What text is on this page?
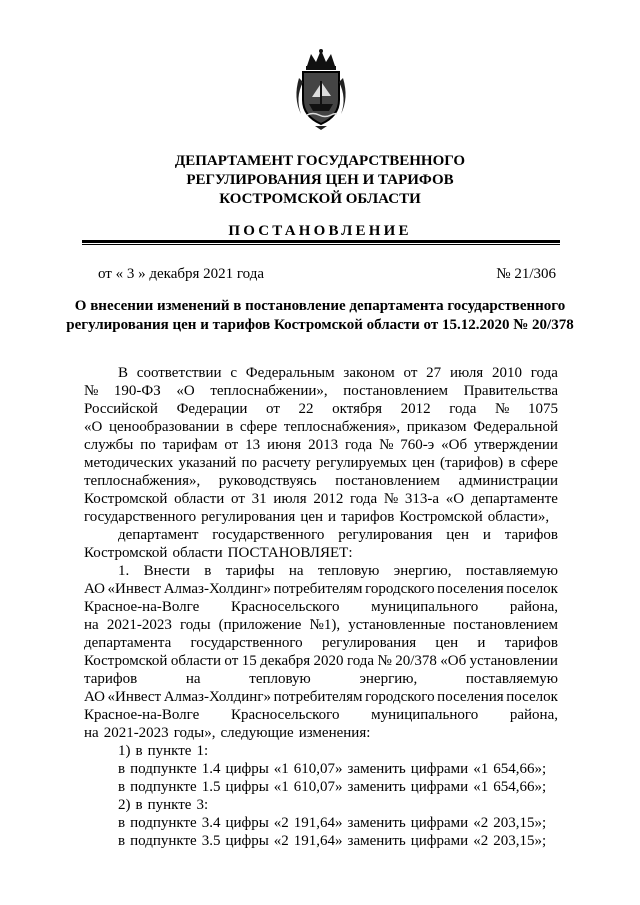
ДЕПАРТАМЕНТ ГОСУДАРСТВЕННОГО
РЕГУЛИРОВАНИЯ ЦЕН И ТАРИФОВ
КОСТРОМСКОЙ ОБЛАСТИ
ПОСТАНОВЛЕНИЕ
от « 3 » декабря 2021 года	№ 21/306
О внесении изменений в постановление департамента государственного
регулирования цен и тарифов Костромской области от 15.12.2020 № 20/378
В соответствии с Федеральным законом от 27 июля 2010 года
№ 190-ФЗ «О теплоснабжении», постановлением Правительства
Российской Федерации от 22 октября 2012 года № 1075
«О ценообразовании в сфере теплоснабжения», приказом Федеральной
службы по тарифам от 13 июня 2013 года № 760-э «Об утверждении
методических указаний по расчету регулируемых цен (тарифов) в сфере
теплоснабжения», руководствуясь постановлением администрации
Костромской области от 31 июля 2012 года № 313-а «О департаменте
государственного регулирования цен и тарифов Костромской области»,
департамент государственного регулирования цен и тарифов
Костромской области ПОСТАНОВЛЯЕТ:
1. Внести в тарифы на тепловую энергию, поставляемую
АО «Инвест Алмаз-Холдинг» потребителям городского поселения поселок
Красное-на-Волге Красносельского муниципального района,
на 2021-2023 годы (приложение №1), установленные постановлением
департамента государственного регулирования цен и тарифов
Костромской области от 15 декабря 2020 года № 20/378 «Об установлении
тарифов	на	тепловую	энергию,	поставляемую
АО «Инвест Алмаз-Холдинг» потребителям городского поселения поселок
Красное-на-Волге Красносельского муниципального района,
на 2021-2023 годы», следующие изменения:
1) в пункте 1:
в подпункте 1.4 цифры «1 610,07» заменить цифрами «1 654,66»;
в подпункте 1.5 цифры «1 610,07» заменить цифрами «1 654,66»;
2) в пункте 3:
в подпункте 3.4 цифры «2 191,64» заменить цифрами «2 203,15»;
в подпункте 3.5 цифры «2 191,64» заменить цифрами «2 203,15»;
